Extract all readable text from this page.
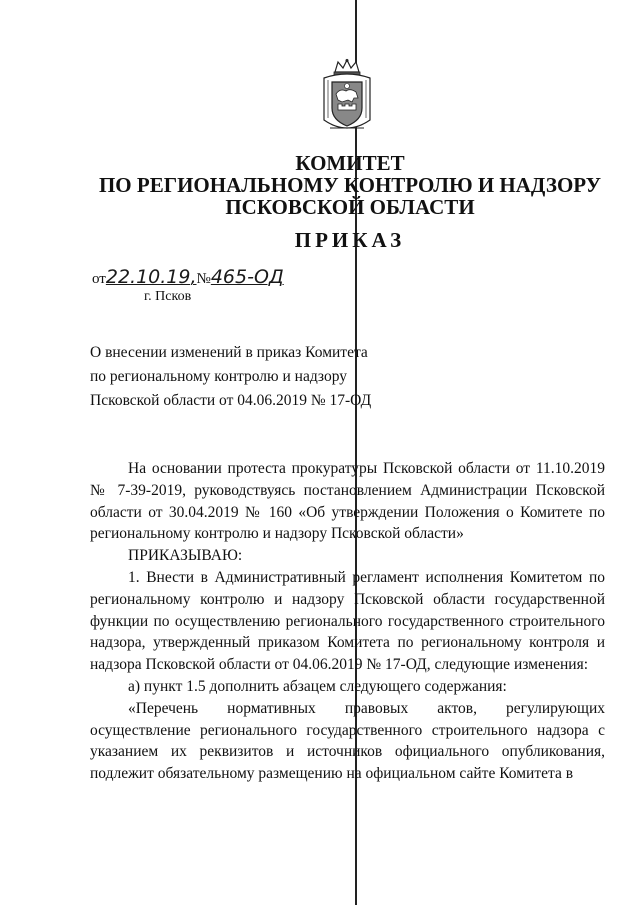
КОМИТЕТ
ПО РЕГИОНАЛЬНОМУ КОНТРОЛЮ И НАДЗОРУ
ПСКОВСКОЙ ОБЛАСТИ
ПРИКАЗ
от22.10.19,№465-ОД
г. Псков
О внесении изменений в приказ Комитета
по региональному контролю и надзору
Псковской области от 04.06.2019 № 17-ОД

На основании протеста прокуратуры Псковской области от 11.10.2019 № 7-39-2019, руководствуясь постановлением Администрации Псковской области от 30.04.2019 № 160 «Об утверждении Положения о Комитете по региональному контролю и надзору Псковской области»

ПРИКАЗЫВАЮ:

1. Внести в Административный регламент исполнения Комитетом по региональному контролю и надзору Псковской области государственной функции по осуществлению регионального государственного строительного надзора, утвержденный приказом Комитета по региональному контроля и надзора Псковской области от 04.06.2019 № 17-ОД, следующие изменения:

а) пункт 1.5 дополнить абзацем следующего содержания:

«Перечень нормативных правовых актов, регулирующих осуществление регионального государственного строительного надзора с указанием их реквизитов и источников официального опубликования, подлежит обязательному размещению на официальном сайте Комитета в
